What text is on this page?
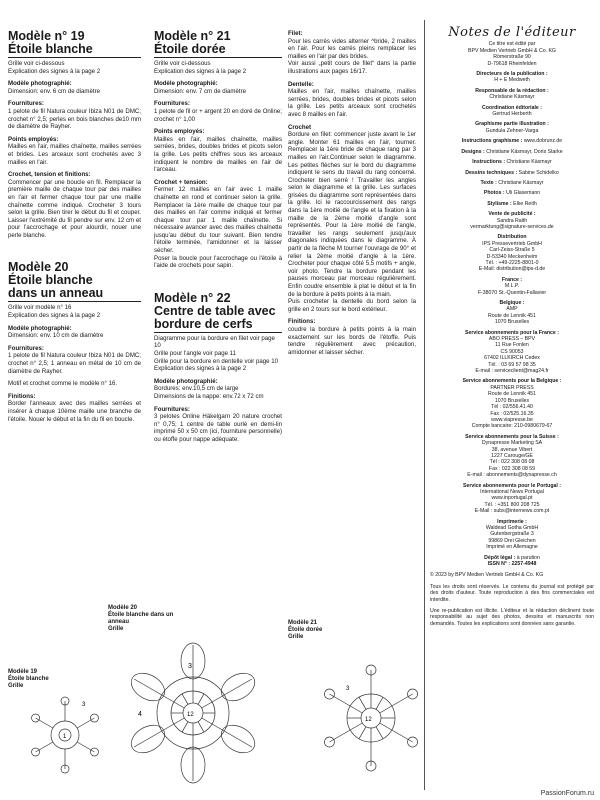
Modèle n° 19

Étoile blanche

Grille voir ci-dessous
Explication des signes à la page 2

Modèle photographié:

Dimension: env. 6 cm de diamètre

Fournitures:

1 pelote de fil Natura couleur Ibiza N01 de DMC; crochet n° 2,5; perles en bois blanches de10 mm de diamètre de Rayher.

Points employés:

Mailles en l'air, mailles chaînette, mailles serrées et brides. Les arceaux sont crochetés avec 3 mailles en l'air.

Crochet, tension et finitions:

Commencer par une boucle en fil. Remplacer la première maille de chaque tour par des mailles en l'air et fermer chaque tour par une maille chaînette comme indiqué. Crocheter 3 tours selon la grille. Bien tirer le début du fil et couper. Laisser l'extrémité du fil pendre sur env. 12 cm et pour l'accrochage et pour alourdir, nouer une perle blanche.

Modèle 20

Étoile blanche

dans un anneau

Grille voir modèle n° 16
Explication des signes à la page 2

Modèle photographié:

Dimension: env. 10 cm de diamètre

Fournitures:

1 pelote de fil Natura couleur Ibiza N01 de DMC; crochet n° 2,5; 1 anneau en métal de 10 cm de diamètre de Rayher.

Motif et crochet comme le modèle n° 16.

Finitions:

Border l'anneaux avec des mailles serrées et insérer à chaque 10ème maille une branche de l'étoile. Nouer le début et la fin du fil en boucle.

Modèle n° 21

Étoile dorée

Grille voir ci-dessous
Explication des signes à la page 2

Modèle photographié:

Dimension: env. 7 cm de diamètre

Fournitures:

1 pelote de fil or + argent 20 en doré de Online; crochet n° 1,00

Points employés:

Mailles en l'air, mailles chaînette, mailles serrées, brides, doubles brides et picots selon la grille. Les petits chiffres sous les arceaux indiquent le nombre de mailles en l'air de l'arceau.

Crochet + tension:

Fermer 12 mailles en l'air avec 1 maille chaînette en rond et continuer selon la grille. Remplacer la 1ère maille de chaque tour par des mailles en l'air comme indiqué et fermer chaque tour par 1 maille chaînette. Si nécessaire avancer avec des mailles chaînette jusqu'au début du tour suivant. Bien tendre l'étoile terminée, l'amidonner et la laisser sécher.

Poser la boucle pour l'accrochage ou l'étoile à l'aide de crochets pour sapin.

Modèle n° 22

Centre de table avec

bordure de cerfs

Diagramme pour la bordure en filet voir page 10
Grille pour l'angle voir page 11
Grille pour la bordure en dentelle voir page 10
Explication des signes à la page 2

Modèle photographié:

Bordures: env.10,5 cm de large
Dimensions de la nappe: env.72 x 72 cm

Fournitures:

3 pelotes Online Häkelgarn 20 nature crochet n° 0,75; 1 centre de table ourlé en demi-lin imprimé 50 x 50 cm (ici, fourniture personnelle) ou étoffe pour nappe adéquate.

Filet:

Pour les carrés vides alterner ^bride, 2 mailles en l'air. Pour les carrés pleins remplacer les mailles en l'air par des brides.
Voir aussi „petit cours de filet“ dans la partie illustrations aux pages 16/17.

Dentelle:

Mailles en l'air, mailles chaînette, mailles serrées, brides, doubles brides et picots selon la grille. Les petits arceaux sont crochetés avec 8 mailles en l'air.

Crochet

Bordure en filet: commencer juste avant le 1er angle. Monter 61 mailles en l'air, tourner. Remplacer la 1ère bride de chaque rang par 3 mailles en l'air.Continuer selon le diagramme. Les petites flèches sur le bord du diagramme indiquent le sens du travail du rang concerné. Crocheter bien serré ! Travailler les angles selon le diagramme et la grille. Les surfaces grisées du diagramme sont représentées dans la grille. Ici le raccourcissement des rangs dans la 1ère moitié de l'angle et la fixation à la maille de la 2ème moitié d'angle sont représentés. Pour la 1ère moitié de l'angle, travailler les rangs seulement jusqu'aux diagonales indiquées dans le diagramme. À partir de la flèche M tourner l'ouvrage de 90° et relier la 2ème moitié d'angle à la 1ère. Crocheter pour chaque côté 5,5 motifs + angle, voir photo. Tendre la bordure pendant les pauses morceau par morceau régulièrement. Enfin coudre ensemble à plat le début et la fin de la bordure à petits points à la main.
Puis crocheter la dentelle du bord selon la grille en 2 tours sur le bord extérieur.

Finitions:

coudre la bordure à petits points à la main exactement sur les bords de l'étoffe. Puis tendre régulièrement avec précaution, amidonner et laisser sécher.

Notes de l'éditeur

Ce titre est édité par
BPV Medien Vertrieb GmbH & Co. KG
Römerstraße 90
D-79618 Rheinfelden
Directeurs de la publication :
H + E Medweth
Responsable de la rédaction :
Christiane Käsmayr
Coordination éditoriale :
Gertrud Herberth
Graphisme partie illustration :
Gundula Zehner-Varga
Instructions graphisme : www.dobrunz.de
Designs : Christiane Käsmayr, Doris Starke
Instructions : Christiane Käsmayr
Dessins techniques : Sabine Schidelko
Texte : Christiane Käsmayr
Photos : Uli Glasemann
Stylisme : Elke Reith
Vente de publicité :
Sandra Raith
vermarktung@signature-services.de
Distribution
IPS Pressevertrieb GmbH
Carl-Zeiss-Straße 5
D-53340 Meckenheim
Tél. : +49-2225-8801-0
E-Mail: distribution@ips-d.de
France :
M.L.P.
F-38070 St.-Quentin-Fallavier
Belgique :
AMP
Route de Lennik 451
1070 Bruxelles
Service abonnements pour la France :
ABO PRESS – BPV
11 Rue Fonlen
CS 90053
67402 ILLKIRCH Cedex
Tél. : 03 69 57 98 35
E-mail : serviceclient@mag24.fr
Service abonnements pour la Belgique :
PARTNER PRESS
Route de Lennik 451
1070 Bruxelles
Tél : 02/556.41.40
Fax : 02/525.16.35
www.viapresse.be
Compte bancaire: 210-0980679-67
Service abonnements pour la Suisse :
Dynapresse Marketing SA
38, avenue Vibert
1227 Carouge/GE
Tél : 022 308 08 08
Fax : 022 308 08 59
E-mail : abonnements@dynapresse.ch
Service abonnements pour le Portugal :
International News Portugal
www.inportugal.pt
Tél. : +351 800 208 725
E-Mail : subs@internews.com.pt
Imprimerie :
Waldead Gotha GmbH
Gutenbergstraße 3
99869 Drei Gleichen
Imprimé en Allemagne
Dépôt légal : à parution
ISSN N° : 2257-4948
© 2023 by BPV Medien Vertrieb GmbH & Co. KG
Tous les droits sont réservés. Le contenu du journal est protégé par des droits d'auteur. Toute reproduction à des fins commerciales est interdite.
Une re-publication est illicite. L'éditeur et la rédaction déclinent toute responsabilité au sujet des photos, dessins et manuscrits non demandés. Toutes les explications sont données sans garantie.
Modèle 20
Étoile blanche dans un
anneau
Grille
Modèle 19
Étoile blanche
Grille
Modèle 21
Étoile dorée
Grille
3
1
3
4	12
12
3
PassionForum.ru
